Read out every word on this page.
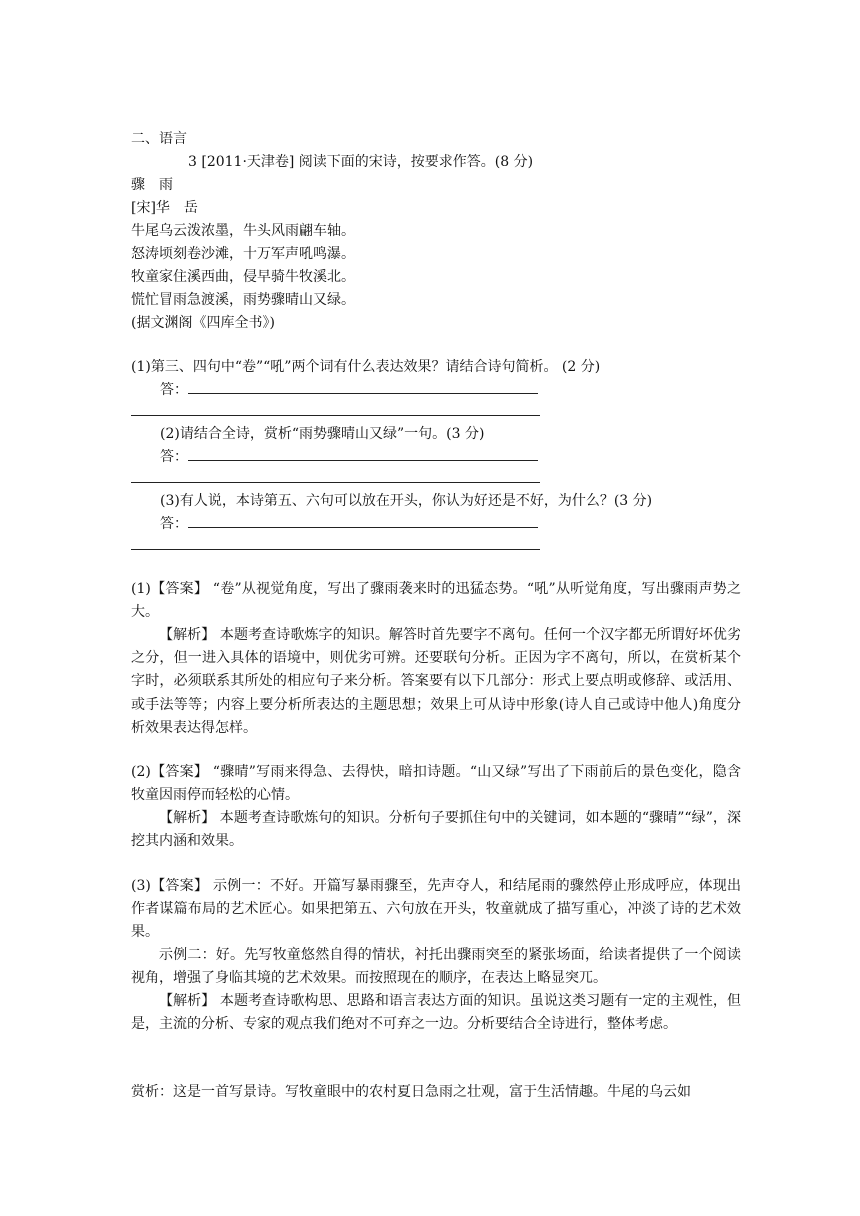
二、语言
3 [2011·天津卷] 阅读下面的宋诗，按要求作答。(8 分)
骤　雨
[宋]华　岳
牛尾乌云泼浓墨，牛头风雨翩车轴。
怒涛顷刻卷沙滩，十万军声吼鸣瀑。
牧童家住溪西曲，侵早骑牛牧溪北。
慌忙冒雨急渡溪，雨势骤晴山又绿。
(据文渊阁《四库全书》)
(1)第三、四句中“卷”“吼”两个词有什么表达效果？请结合诗句简析。 (2 分)
答：
(2)请结合全诗，赏析“雨势骤晴山又绿”一句。(3 分)
答：
(3)有人说，本诗第五、六句可以放在开头，你认为好还是不好，为什么？(3 分)
答：
(1)【答案】 “卷”从视觉角度，写出了骤雨袭来时的迅猛态势。“吼”从听觉角度，写出骤雨声势之大。
【解析】 本题考查诗歌炼字的知识。解答时首先要字不离句。任何一个汉字都无所谓好坏优劣之分，但一进入具体的语境中，则优劣可辨。还要联句分析。正因为字不离句，所以，在赏析某个字时，必须联系其所处的相应句子来分析。答案要有以下几部分：形式上要点明或修辞、或活用、或手法等等；内容上要分析所表达的主题思想；效果上可从诗中形象(诗人自己或诗中他人)角度分析效果表达得怎样。
(2)【答案】 “骤晴”写雨来得急、去得快，暗扣诗题。“山又绿”写出了下雨前后的景色变化，隐含牧童因雨停而轻松的心情。
【解析】 本题考查诗歌炼句的知识。分析句子要抓住句中的关键词，如本题的“骤晴”“绿”，深挖其内涵和效果。
(3)【答案】 示例一：不好。开篇写暴雨骤至，先声夺人，和结尾雨的骤然停止形成呼应，体现出作者谋篇布局的艺术匠心。如果把第五、六句放在开头，牧童就成了描写重心，冲淡了诗的艺术效果。
示例二：好。先写牧童悠然自得的情状，衬托出骤雨突至的紧张场面，给读者提供了一个阅读视角，增强了身临其境的艺术效果。而按照现在的顺序，在表达上略显突兀。
【解析】 本题考查诗歌构思、思路和语言表达方面的知识。虽说这类习题有一定的主观性，但是，主流的分析、专家的观点我们绝对不可弃之一边。分析要结合全诗进行，整体考虑。
赏析：这是一首写景诗。写牧童眼中的农村夏日急雨之壮观，富于生活情趣。牛尾的乌云如
